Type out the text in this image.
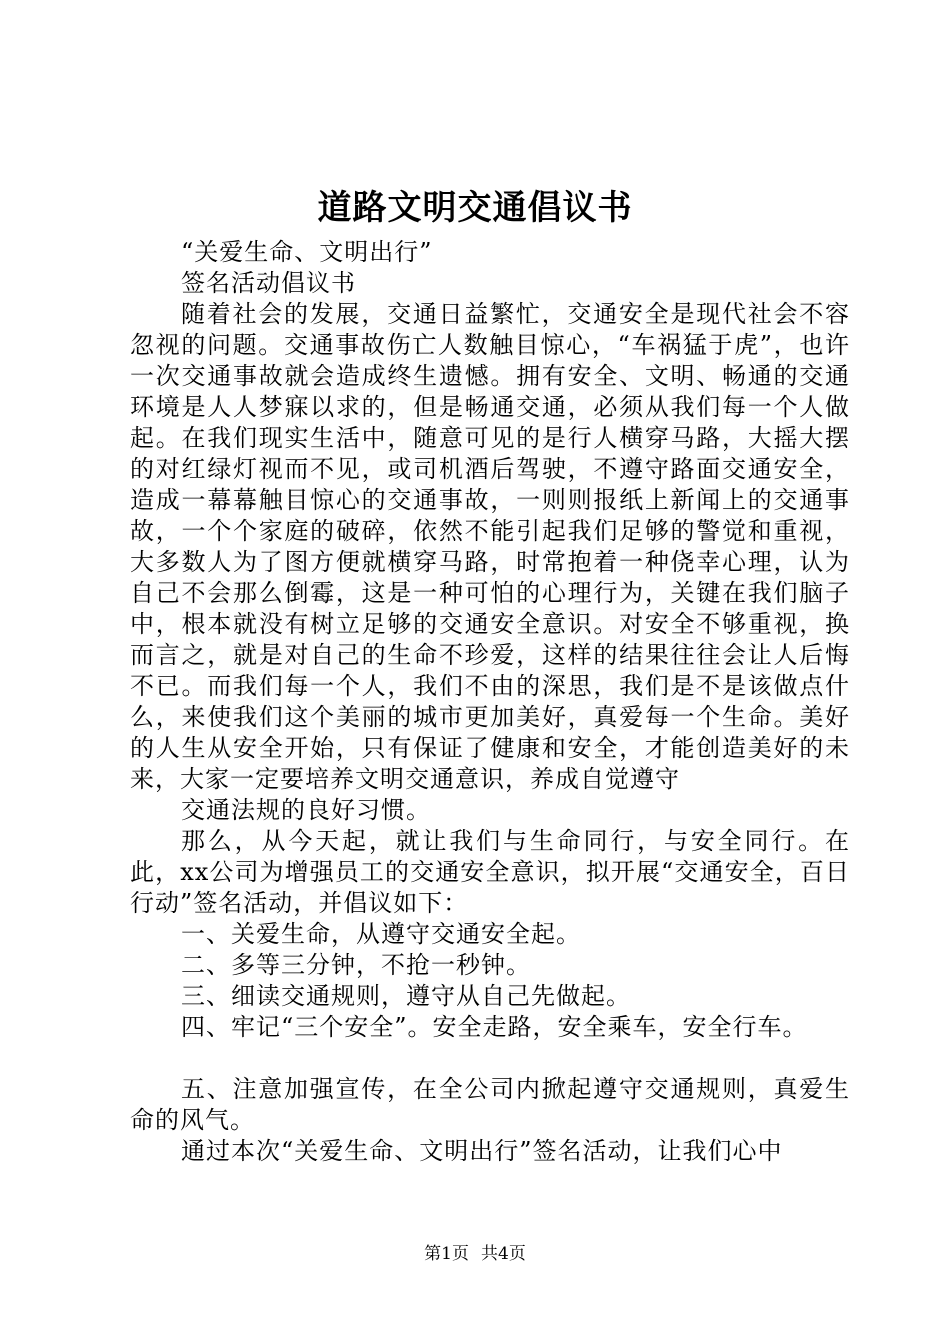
道路文明交通倡议书

“关爱生命、文明出行”

签名活动倡议书

随着社会的发展，交通日益繁忙，交通安全是现代社会不容忽视的问题。交通事故伤亡人数触目惊心，“车祸猛于虎”，也许一次交通事故就会造成终生遗憾。拥有安全、文明、畅通的交通环境是人人梦寐以求的，但是畅通交通，必须从我们每一个人做起。在我们现实生活中，随意可见的是行人横穿马路，大摇大摆的对红绿灯视而不见，或司机酒后驾驶，不遵守路面交通安全，造成一幕幕触目惊心的交通事故，一则则报纸上新闻上的交通事故，一个个家庭的破碎，依然不能引起我们足够的警觉和重视，大多数人为了图方便就横穿马路，时常抱着一种侥幸心理，认为自己不会那么倒霉，这是一种可怕的心理行为，关键在我们脑子中，根本就没有树立足够的交通安全意识。对安全不够重视，换而言之，就是对自己的生命不珍爱，这样的结果往往会让人后悔不已。而我们每一个人，我们不由的深思，我们是不是该做点什么，来使我们这个美丽的城市更加美好，真爱每一个生命。美好的人生从安全开始，只有保证了健康和安全，才能创造美好的未来，大家一定要培养文明交通意识，养成自觉遵守

交通法规的良好习惯。

那么，从今天起，就让我们与生命同行，与安全同行。在此，xx公司为增强员工的交通安全意识，拟开展“交通安全，百日行动”签名活动，并倡议如下：

一、关爱生命，从遵守交通安全起。

二、多等三分钟，不抢一秒钟。

三、细读交通规则，遵守从自己先做起。

四、牢记“三个安全”。安全走路，安全乘车，安全行车。

五、注意加强宣传，在全公司内掀起遵守交通规则，真爱生命的风气。

通过本次“关爱生命、文明出行”签名活动，让我们心中

第1页 共4页
